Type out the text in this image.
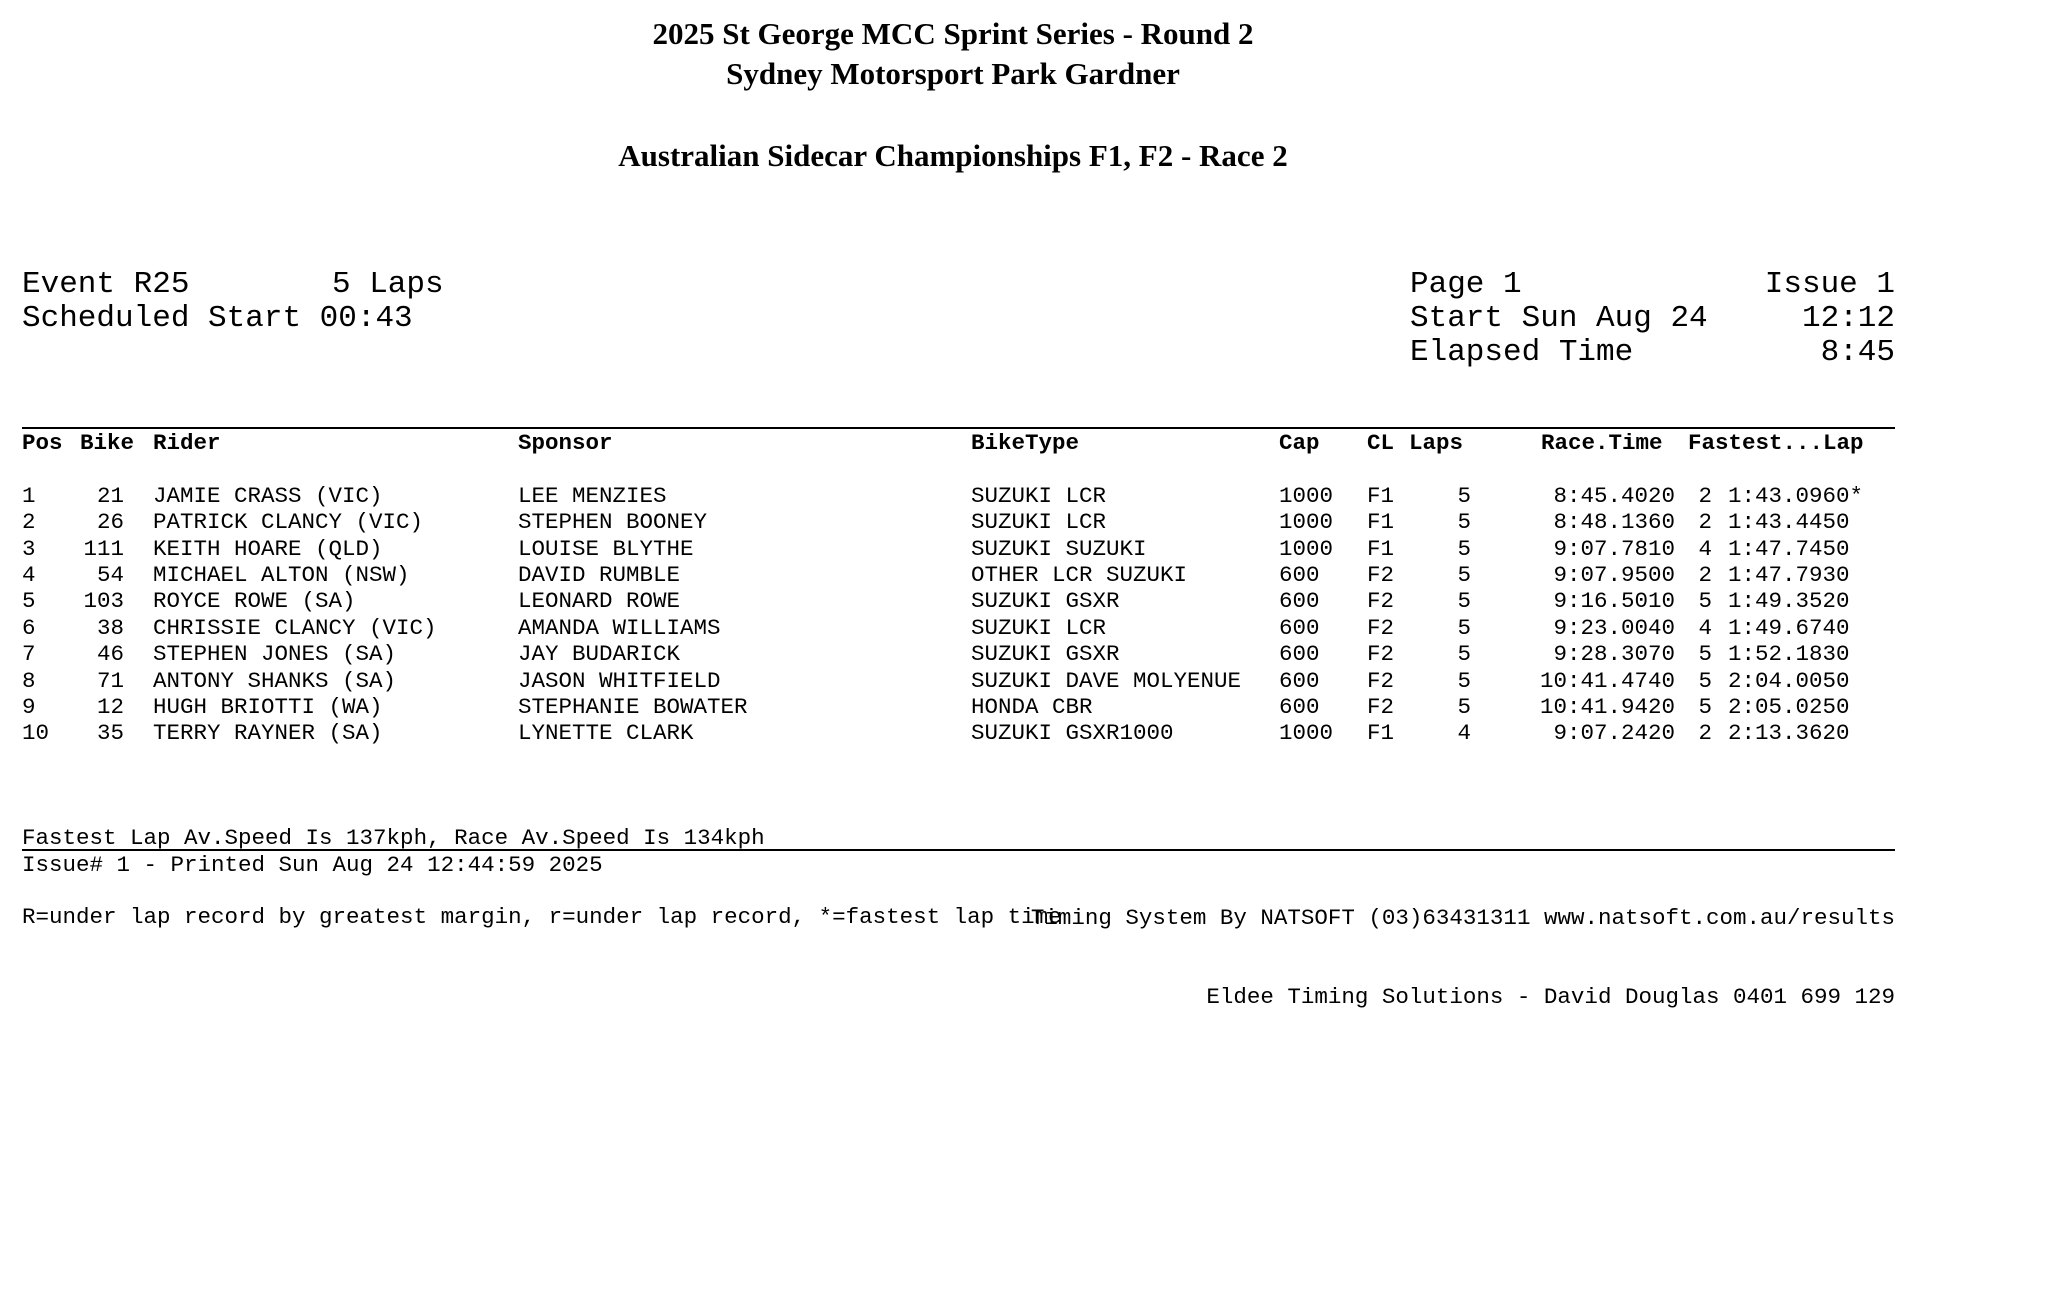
2025 St George MCC Sprint Series - Round 2
Sydney Motorsport Park Gardner
Australian Sidecar Championships F1, F2 - Race 2
Event R25	5 Laps
Scheduled Start 00:43
Page 1	Issue 1
Start Sun Aug 24	12:12
Elapsed Time	8:45
Pos Bike Rider	Sponsor	BikeType	Cap CL Laps	Race.Time Fastest...Lap
1	21 JAMIE CRASS (VIC)	LEE MENZIES	SUZUKI LCR	1000 F1	5	8:45.4020 2 1:43.0960*
2	26 PATRICK CLANCY (VIC)	STEPHEN BOONEY	SUZUKI LCR	1000 F1	5	8:48.1360 2 1:43.4450
3 111 KEITH HOARE (QLD)	LOUISE BLYTHE	SUZUKI SUZUKI	1000 F1	5	9:07.7810 4 1:47.7450
4	54 MICHAEL ALTON (NSW)	DAVID RUMBLE	OTHER LCR SUZUKI	600 F2	5	9:07.9500 2 1:47.7930
5 103 ROYCE ROWE (SA)	LEONARD ROWE	SUZUKI GSXR	600 F2	5	9:16.5010 5 1:49.3520
6	38 CHRISSIE CLANCY (VIC)	AMANDA WILLIAMS	SUZUKI LCR	600 F2	5	9:23.0040 4 1:49.6740
7	46 STEPHEN JONES (SA)	JAY BUDARICK	SUZUKI GSXR	600 F2	5	9:28.3070 5 1:52.1830
8	71 ANTONY SHANKS (SA)	JASON WHITFIELD	SUZUKI DAVE MOLYENUE 600 F2	5	10:41.4740 5 2:04.0050
9	12 HUGH BRIOTTI (WA)	STEPHANIE BOWATER	HONDA CBR	600 F2	5	10:41.9420 5 2:05.0250
10 35 TERRY RAYNER (SA)	LYNETTE CLARK	SUZUKI GSXR1000	1000 F1	4	9:07.2420 2 2:13.3620

Fastest Lap Av.Speed Is 137kph, Race Av.Speed Is 134kph

R=under lap record by greatest margin, r=under lap record, *=fastest lap time

Issue# 1 - Printed Sun Aug 24 12:44:59 2025

Timing System By NATSOFT (03)63431311 www.natsoft.com.au/results

Eldee Timing Solutions - David Douglas 0401 699 129
